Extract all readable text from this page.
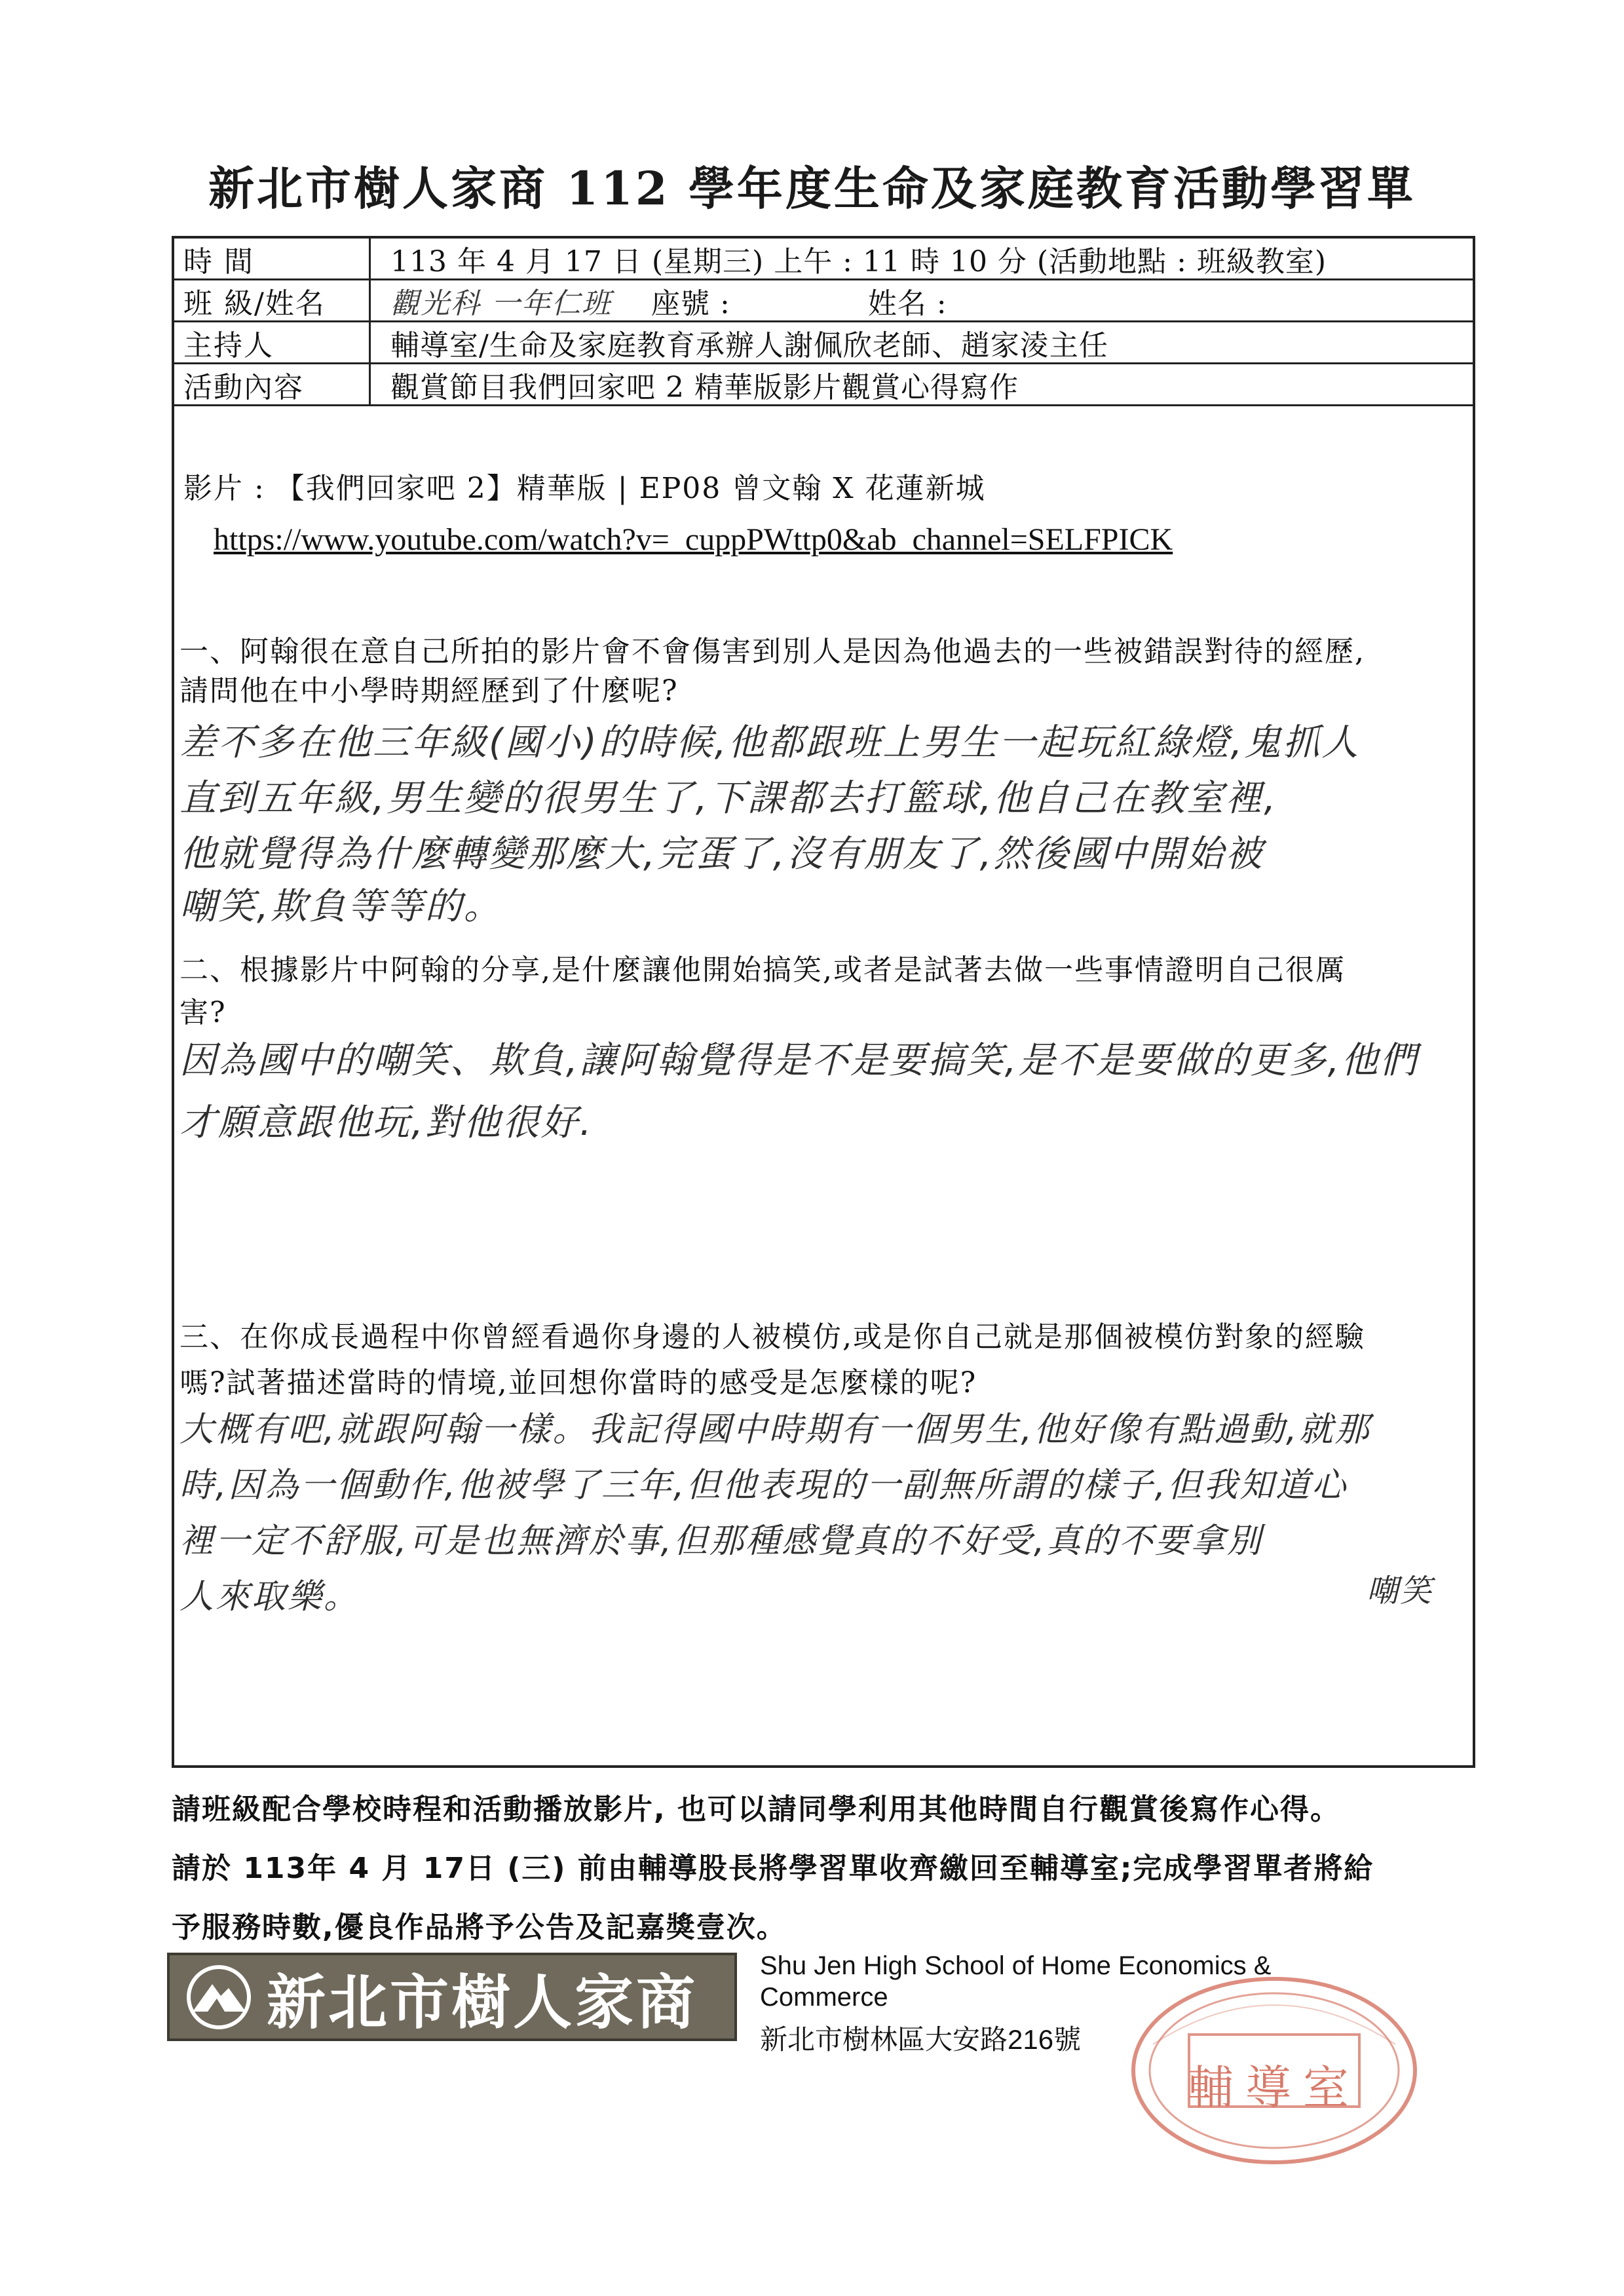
新北市樹人家商 112 學年度生命及家庭教育活動學習單
時 間	113 年 4 月 17 日 (星期三) 上午 : 11 時 10 分 (活動地點 : 班級教室)
班 級/姓名	觀光科 一年仁班 座號 :	姓名 :
主持人	輔導室/生命及家庭教育承辦人謝佩欣老師、趙家淩主任
活動內容	觀賞節目我們回家吧 2 精華版影片觀賞心得寫作
影片 : 【我們回家吧 2】精華版 | EP08 曾文翰 X 花蓮新城
https://www.youtube.com/watch?v=_cuppPWttp0&ab_channel=SELFPICK
一、阿翰很在意自己所拍的影片會不會傷害到別人是因為他過去的一些被錯誤對待的經歷,
請問他在中小學時期經歷到了什麼呢?
差不多在他三年級(國小)的時候,他都跟班上男生一起玩紅綠燈,鬼抓人
直到五年級,男生變的很男生了,下課都去打籃球,他自己在教室裡,
他就覺得為什麼轉變那麼大,完蛋了,沒有朋友了,然後國中開始被
嘲笑,欺負等等的。
二、根據影片中阿翰的分享,是什麼讓他開始搞笑,或者是試著去做一些事情證明自己很厲
害?
因為國中的嘲笑、欺負,讓阿翰覺得是不是要搞笑,是不是要做的更多,他們
才願意跟他玩,對他很好.
三、在你成長過程中你曾經看過你身邊的人被模仿,或是你自己就是那個被模仿對象的經驗
嗎?試著描述當時的情境,並回想你當時的感受是怎麼樣的呢?
大概有吧,就跟阿翰一樣。我記得國中時期有一個男生,他好像有點過動,就那
時,因為一個動作,他被學了三年,但他表現的一副無所謂的樣子,但我知道心
裡一定不舒服,可是也無濟於事,但那種感覺真的不好受,真的不要拿別
人來取樂。	嘲笑
請班級配合學校時程和活動播放影片, 也可以請同學利用其他時間自行觀賞後寫作心得。
請於 113年 4 月 17日 (三) 前由輔導股長將學習單收齊繳回至輔導室;完成學習單者將給
予服務時數,優良作品將予公告及記嘉獎壹次。
新北市樹人家商
Shu Jen High School of Home Economics &
Commerce
新北市樹林區大安路216號
輔導室
